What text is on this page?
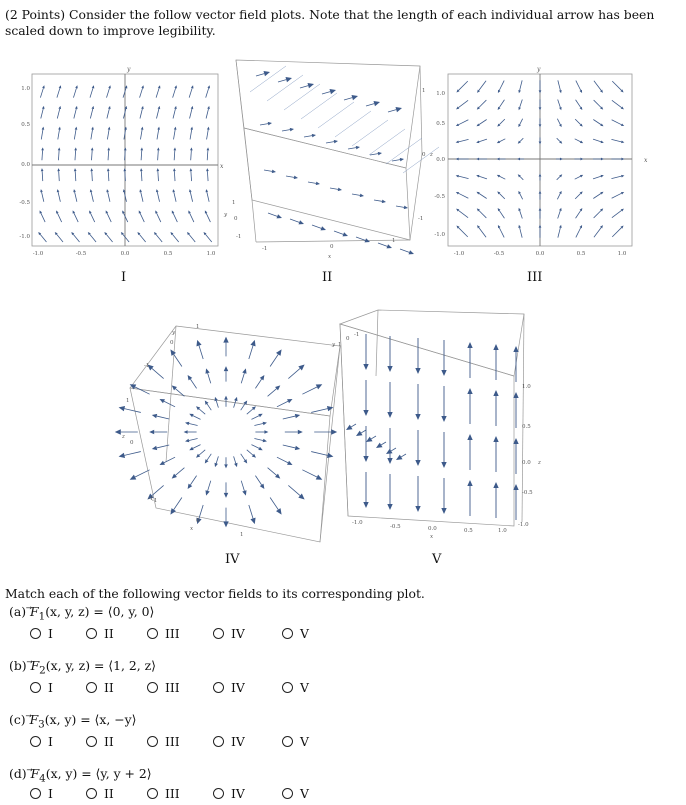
(2 Points) Consider the follow vector field plots. Note that the length of each individual arrow has been scaled down to improve legibility.
y
x
1.0
0.5
0.0
-0.5
-1.0
-1.0	-0.5	0.0	0.5	1.0
I
1
0
-1
z
-1	0
1
x
-1
0
1
y
II
y
x
1.0
0.5
0.0
-0.5
-1.0
-1.0	-0.5	0.0	0.5	1.0
III
y
0
1
-1
1
0
-1
z
-1
0
1
x
IV
1
0
-1
y
1.0
0.5
0.0
-0.5
-1.0
z
-1.0
-0.5	0.0	0.5	1.0
x
V
Match each of the following vector fields to its corresponding plot.
(a) $F_1(x$, y, z) = ⟨0, y, 0⟩
I	II	III	IV	V
(b) $F_2(x$, y, z) = ⟨1, 2, z⟩
I	II	III	IV	V
(c) $F_3(x$, y) = ⟨x, −y⟩
I	II	III	IV	V
(d) $F_4(x$, y) = ⟨y, y + 2⟩
I	II	III	IV	V
